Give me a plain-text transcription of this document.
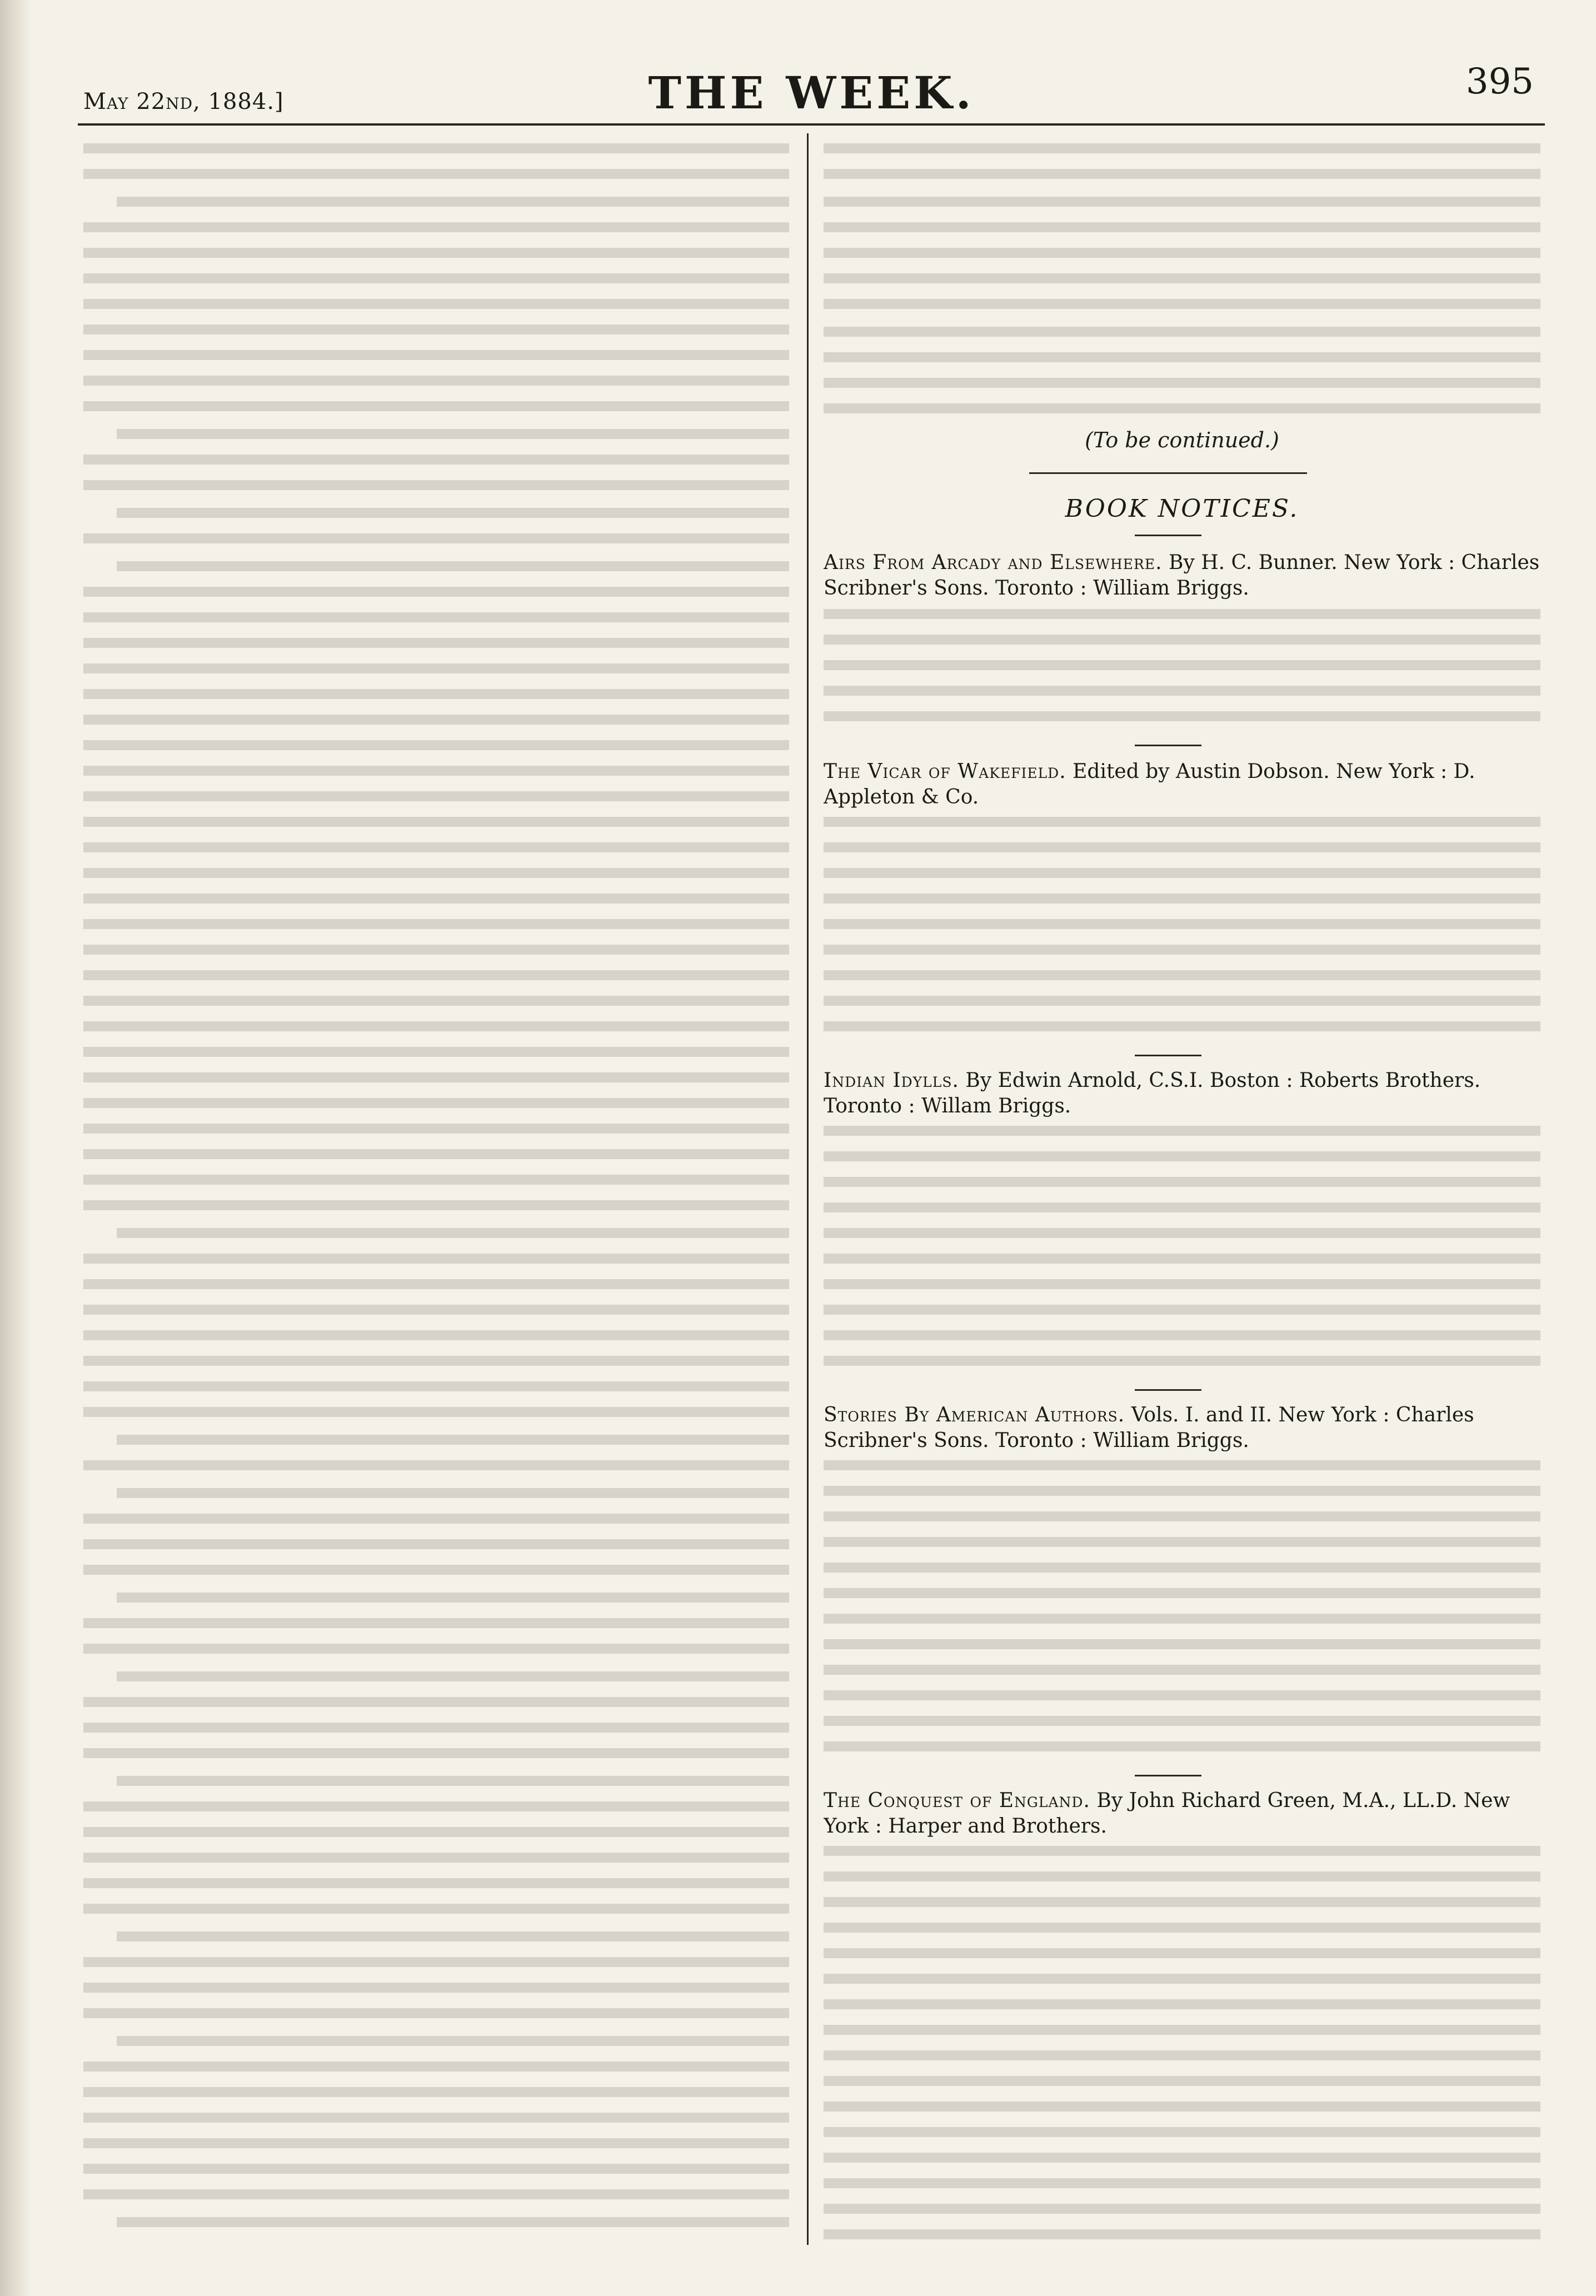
May 22nd, 1884.]	THE WEEK.	395
(To be continued.)
BOOK NOTICES.
Airs From Arcady and Elsewhere. By H. C. Bunner. New York : Charles Scribner's Sons. Toronto : William Briggs.
The Vicar of Wakefield. Edited by Austin Dobson. New York : D. Appleton & Co.
Indian Idylls. By Edwin Arnold, C.S.I. Boston : Roberts Brothers. Toronto : Willam Briggs.
Stories By American Authors. Vols. I. and II. New York : Charles Scribner's Sons. Toronto : William Briggs.
The Conquest of England. By John Richard Green, M.A., LL.D. New York : Harper and Brothers.
